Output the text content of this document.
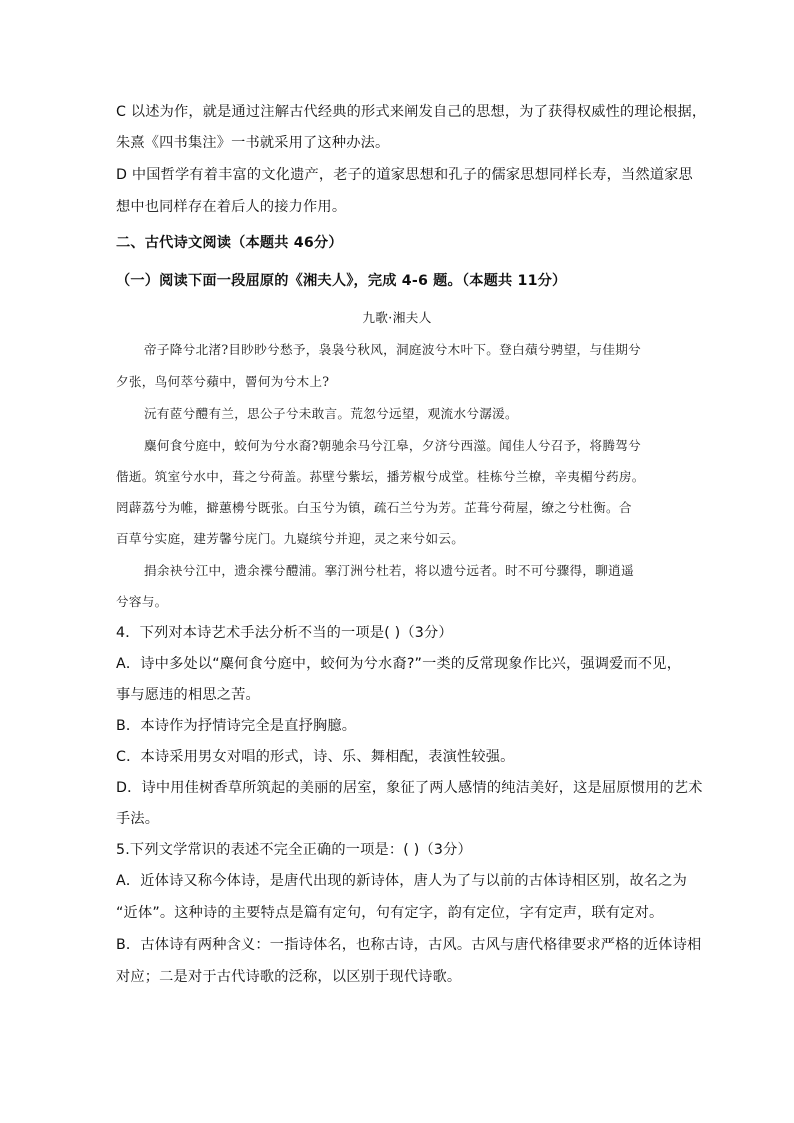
C 以述为作，就是通过注解古代经典的形式来阐发自己的思想，为了获得权威性的理论根据，
朱熹《四书集注》一书就采用了这种办法。
D 中国哲学有着丰富的文化遗产，老子的道家思想和孔子的儒家思想同样长寿，当然道家思
想中也同样存在着后人的接力作用。
二、古代诗文阅读（本题共 46分）
（一）阅读下面一段屈原的《湘夫人》，完成 4-6 题。（本题共 11分）
九歌·湘夫人
帝子降兮北渚?目眇眇兮愁予，袅袅兮秋风，洞庭波兮木叶下。登白薠兮骋望，与佳期兮
夕张，鸟何萃兮蘋中，罾何为兮木上?
沅有茝兮醴有兰，思公子兮未敢言。荒忽兮远望，观流水兮潺湲。
麋何食兮庭中，蛟何为兮水裔?朝驰余马兮江皋，夕济兮西澨。闻佳人兮召予，将腾驾兮
偕逝。筑室兮水中，葺之兮荷盖。荪壁兮紫坛，播芳椒兮成堂。桂栋兮兰橑，辛夷楣兮药房。
罔薜荔兮为帷，擗蕙櫋兮既张。白玉兮为镇，疏石兰兮为芳。芷葺兮荷屋，缭之兮杜衡。合
百草兮实庭，建芳馨兮庑门。九嶷缤兮并迎，灵之来兮如云。
捐余袂兮江中，遗余褋兮醴浦。搴汀洲兮杜若，将以遗兮远者。时不可兮骤得，聊逍遥
兮容与。
4．下列对本诗艺术手法分析不当的一项是( )（3分）
A．诗中多处以“麋何食兮庭中，蛟何为兮水裔?”一类的反常现象作比兴，强调爱而不见，
事与愿违的相思之苦。
B．本诗作为抒情诗完全是直抒胸臆。
C．本诗采用男女对唱的形式，诗、乐、舞相配，表演性较强。
D．诗中用佳树香草所筑起的美丽的居室，象征了两人感情的纯洁美好，这是屈原惯用的艺术
手法。
5.下列文学常识的表述不完全正确的一项是：( )（3分）
A．近体诗又称今体诗，是唐代出现的新诗体，唐人为了与以前的古体诗相区别，故名之为
“近体”。这种诗的主要特点是篇有定句，句有定字，韵有定位，字有定声，联有定对。
B．古体诗有两种含义：一指诗体名，也称古诗，古风。古风与唐代格律要求严格的近体诗相
对应；二是对于古代诗歌的泛称，以区别于现代诗歌。
